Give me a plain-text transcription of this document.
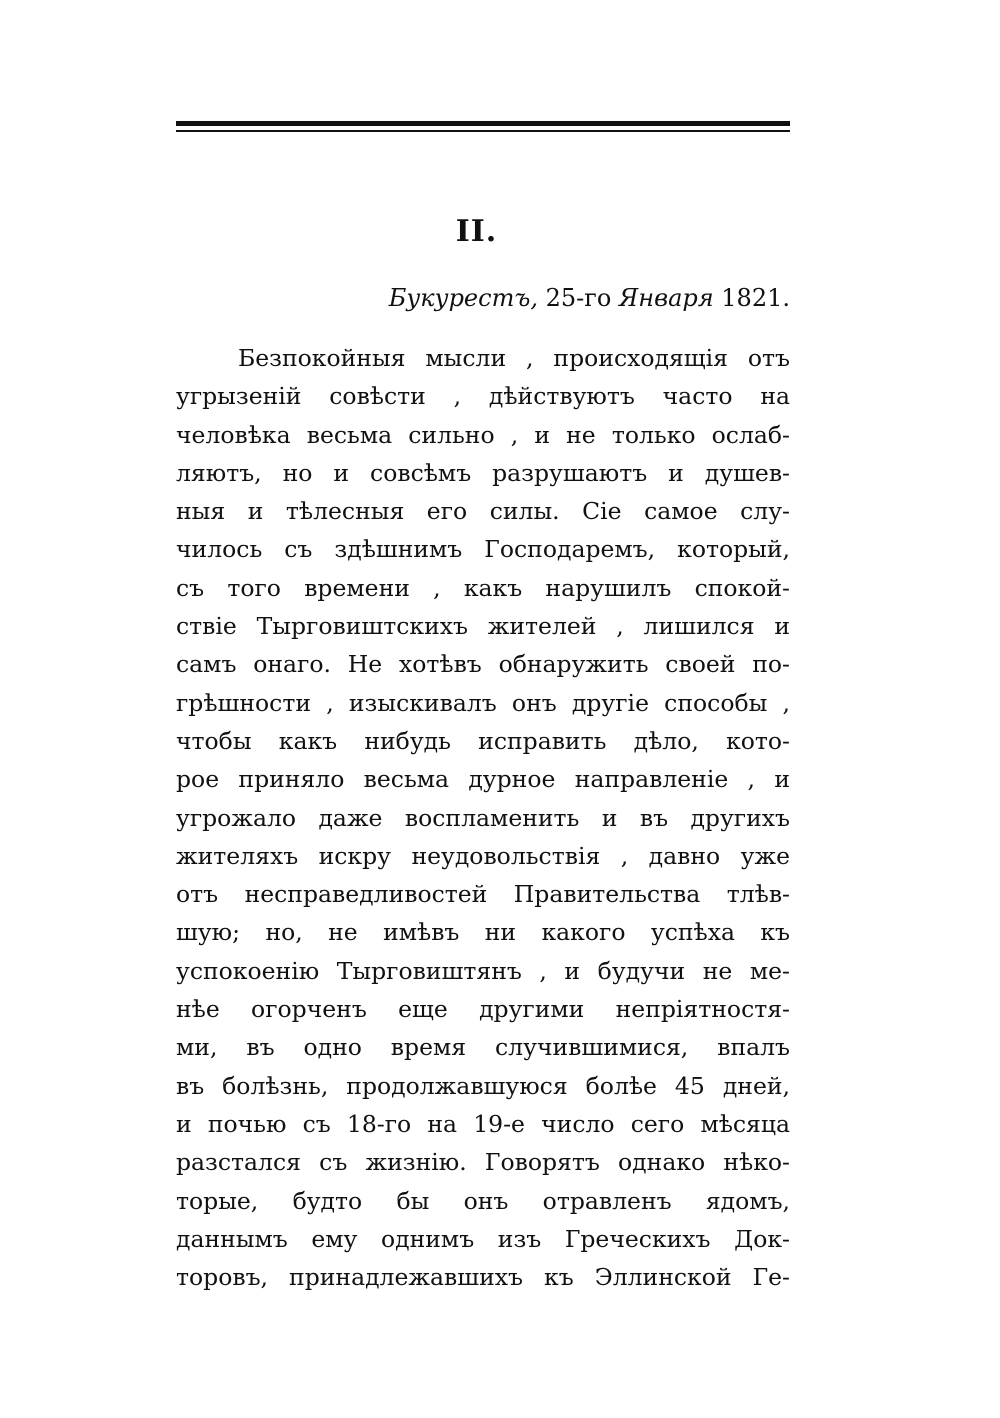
II.
Букурестъ, 25-го Января 1821.
Безпокойныя мысли , происходящія отъ
угрызеній совѣсти , дѣйствуютъ часто на
человѣка весьма сильно , и не только ослаб-
ляютъ, но и совсѣмъ разрушаютъ и душев-
ныя и тѣлесныя его силы. Сіе самое слу-
чилось съ здѣшнимъ Господаремъ, который,
съ того времени , какъ нарушилъ спокой-
ствіе Тырговиштскихъ жителей , лишился и
самъ онаго. Не хотѣвъ обнаружить своей по-
грѣшности , изыскивалъ онъ другіе способы ,
чтобы какъ нибудь исправить дѣло, кото-
рое приняло весьма дурное направленіе , и
угрожало даже воспламенить и въ другихъ
жителяхъ искру неудовольствія , давно уже
отъ несправедливостей Правительства тлѣв-
шую; но, не имѣвъ ни какого успѣха къ
успокоенію Тырговиштянъ , и будучи не ме-
нѣе огорченъ еще другими непріятностя-
ми, въ одно время случившимися, впалъ
въ болѣзнь, продолжавшуюся болѣе 45 дней,
и почью съ 18-го на 19-е число сего мѣсяца
разстался съ жизнію. Говорятъ однако нѣко-
торые, будто бы онъ отравленъ ядомъ,
даннымъ ему однимъ изъ Греческихъ Док-
торовъ, принадлежавшихъ къ Эллинской Ге-
